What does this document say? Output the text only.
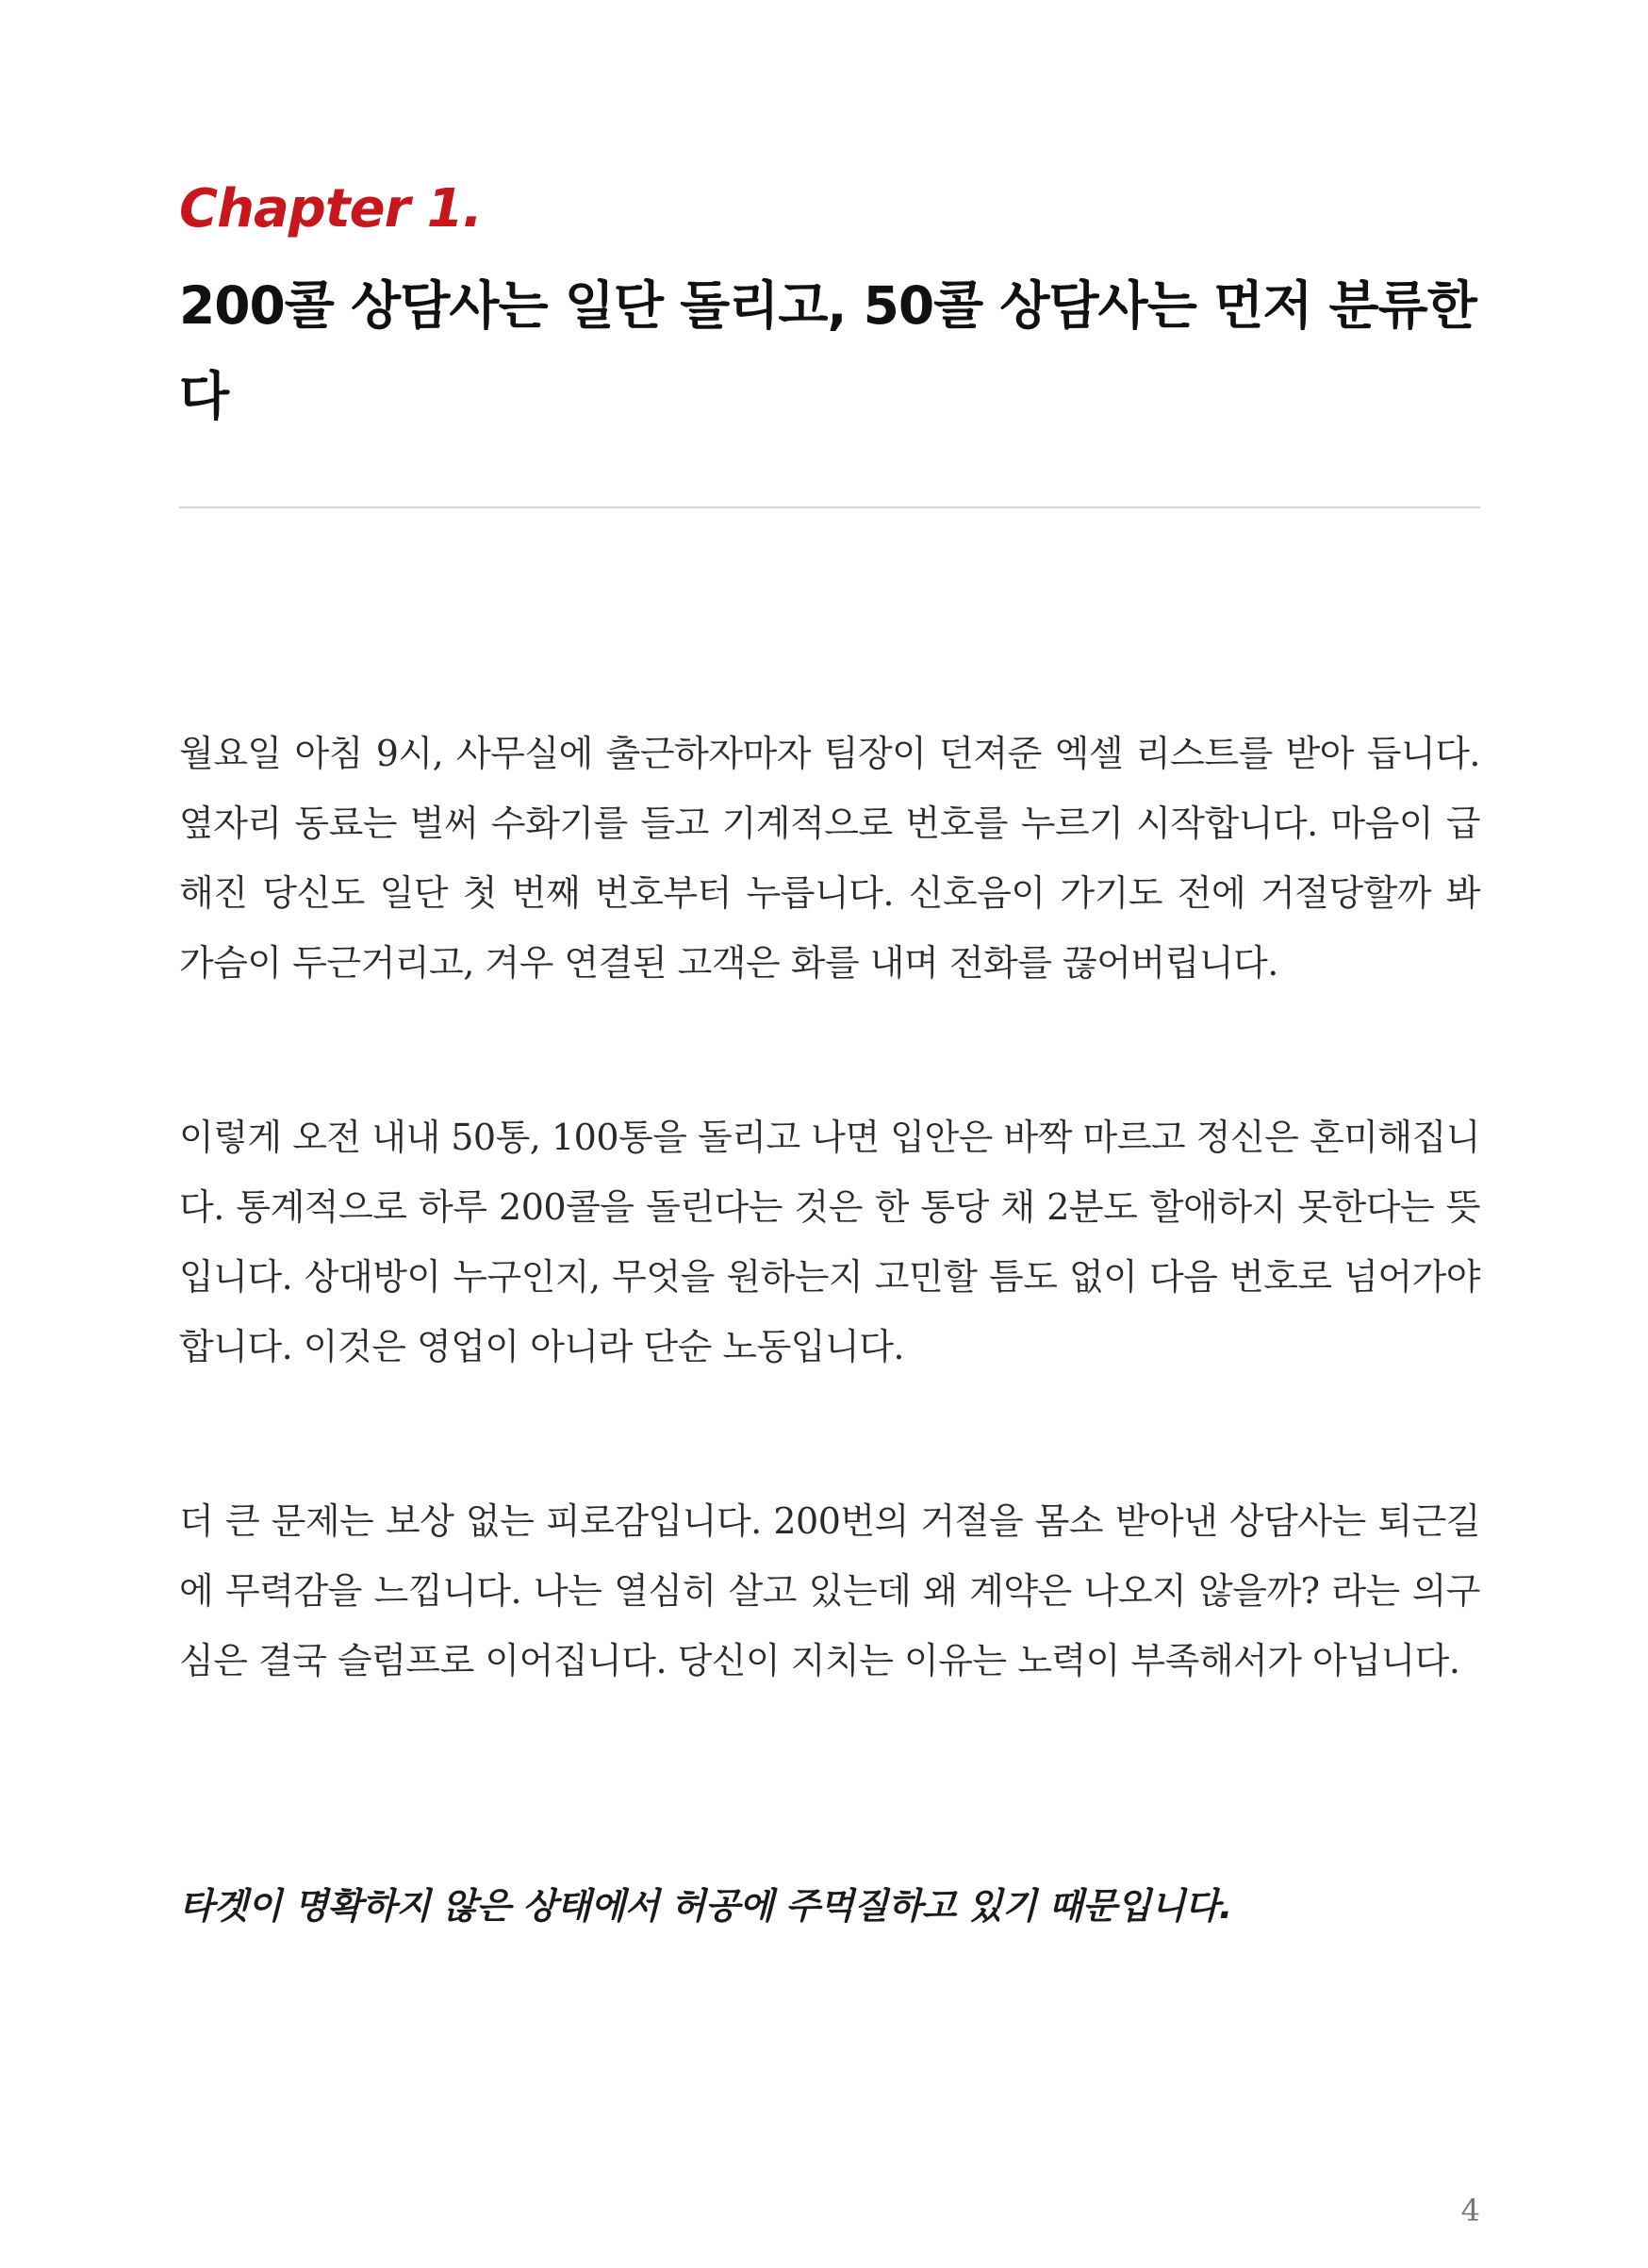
Chapter 1.
200콜 상담사는 일단 돌리고, 50콜 상담사는 먼저 분류한다

월요일 아침 9시, 사무실에 출근하자마자 팀장이 던져준 엑셀 리스트를 받아 듭니다. 옆자리 동료는 벌써 수화기를 들고 기계적으로 번호를 누르기 시작합니다. 마음이 급해진 당신도 일단 첫 번째 번호부터 누릅니다. 신호음이 가기도 전에 거절당할까 봐 가슴이 두근거리고, 겨우 연결된 고객은 화를 내며 전화를 끊어버립니다.

이렇게 오전 내내 50통, 100통을 돌리고 나면 입안은 바짝 마르고 정신은 혼미해집니다. 통계적으로 하루 200콜을 돌린다는 것은 한 통당 채 2분도 할애하지 못한다는 뜻입니다. 상대방이 누구인지, 무엇을 원하는지 고민할 틈도 없이 다음 번호로 넘어가야 합니다. 이것은 영업이 아니라 단순 노동입니다.

더 큰 문제는 보상 없는 피로감입니다. 200번의 거절을 몸소 받아낸 상담사는 퇴근길에 무력감을 느낍니다. 나는 열심히 살고 있는데 왜 계약은 나오지 않을까? 라는 의구심은 결국 슬럼프로 이어집니다. 당신이 지치는 이유는 노력이 부족해서가 아닙니다.

타겟이 명확하지 않은 상태에서 허공에 주먹질하고 있기 때문입니다.

4
